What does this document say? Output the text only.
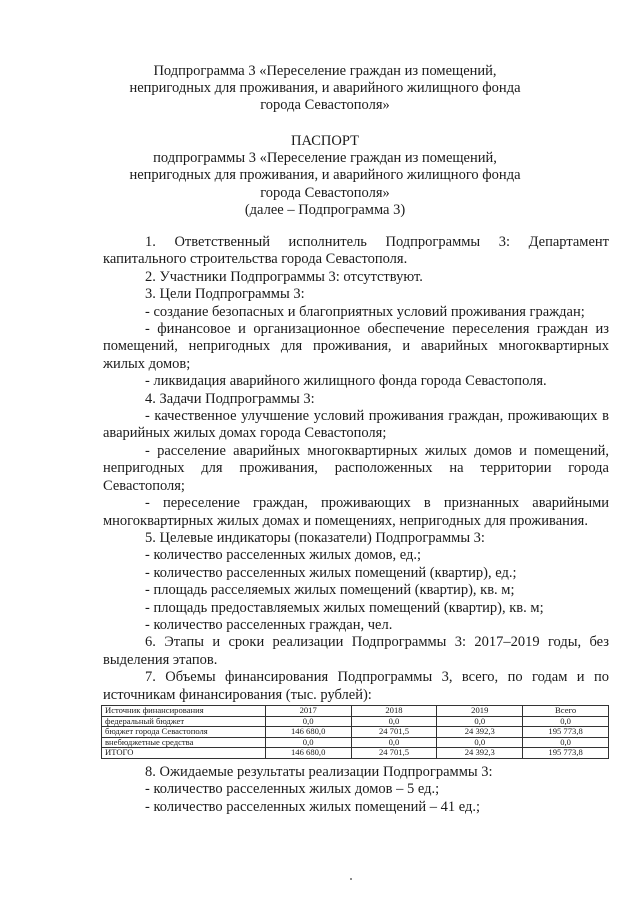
Подпрограмма 3 «Переселение граждан из помещений,
непригодных для проживания, и аварийного жилищного фонда
города Севастополя»
ПАСПОРТ
подпрограммы 3 «Переселение граждан из помещений,
непригодных для проживания, и аварийного жилищного фонда
города Севастополя»
(далее – Подпрограмма 3)
1. Ответственный исполнитель Подпрограммы 3: Департамент капитального строительства города Севастополя.
2. Участники Подпрограммы 3: отсутствуют.
3. Цели Подпрограммы 3:
- создание безопасных и благоприятных условий проживания граждан;
- финансовое и организационное обеспечение переселения граждан из помещений, непригодных для проживания, и аварийных многоквартирных жилых домов;
- ликвидация аварийного жилищного фонда города Севастополя.
4. Задачи Подпрограммы 3:
- качественное улучшение условий проживания граждан, проживающих в аварийных жилых домах города Севастополя;
- расселение аварийных многоквартирных жилых домов и помещений, непригодных для проживания, расположенных на территории города Севастополя;
- переселение граждан, проживающих в признанных аварийными многоквартирных жилых домах и помещениях, непригодных для проживания.
5. Целевые индикаторы (показатели) Подпрограммы 3:
- количество расселенных жилых домов, ед.;
- количество расселенных жилых помещений (квартир), ед.;
- площадь расселяемых жилых помещений (квартир), кв. м;
- площадь предоставляемых жилых помещений (квартир), кв. м;
- количество расселенных граждан, чел.
6. Этапы и сроки реализации Подпрограммы 3: 2017–2019 годы, без выделения этапов.
7. Объемы финансирования Подпрограммы 3, всего, по годам и по источникам финансирования (тыс. рублей):
Источник финансирования	2017	2018	2019	Всего
федеральный бюджет	0,0	0,0	0,0	0,0
бюджет города Севастополя	146 680,0	24 701,5	24 392,3	195 773,8
внебюджетные средства	0,0	0,0	0,0	0,0
ИТОГО	146 680,0	24 701,5	24 392,3	195 773,8
8. Ожидаемые результаты реализации Подпрограммы 3:
- количество расселенных жилых домов – 5 ед.;
- количество расселенных жилых помещений – 41 ед.;
